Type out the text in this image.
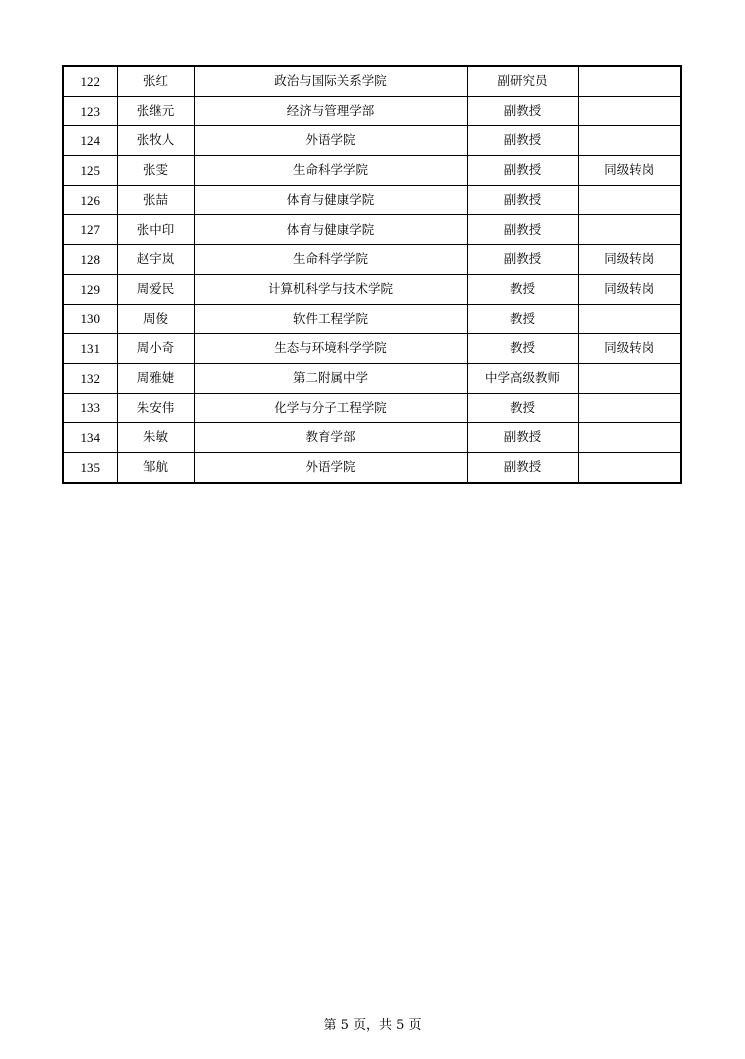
122	张红	政治与国际关系学院	副研究员	
123	张继元	经济与管理学部	副教授	
124	张牧人	外语学院	副教授	
125	张雯	生命科学学院	副教授	同级转岗
126	张喆	体育与健康学院	副教授	
127	张中印	体育与健康学院	副教授	
128	赵宇岚	生命科学学院	副教授	同级转岗
129	周爱民	计算机科学与技术学院	教授	同级转岗
130	周俊	软件工程学院	教授	
131	周小奇	生态与环境科学学院	教授	同级转岗
132	周雅婕	第二附属中学	中学高级教师	
133	朱安伟	化学与分子工程学院	教授	
134	朱敏	教育学部	副教授	
135	邹航	外语学院	副教授	
第 5 页，共 5 页
